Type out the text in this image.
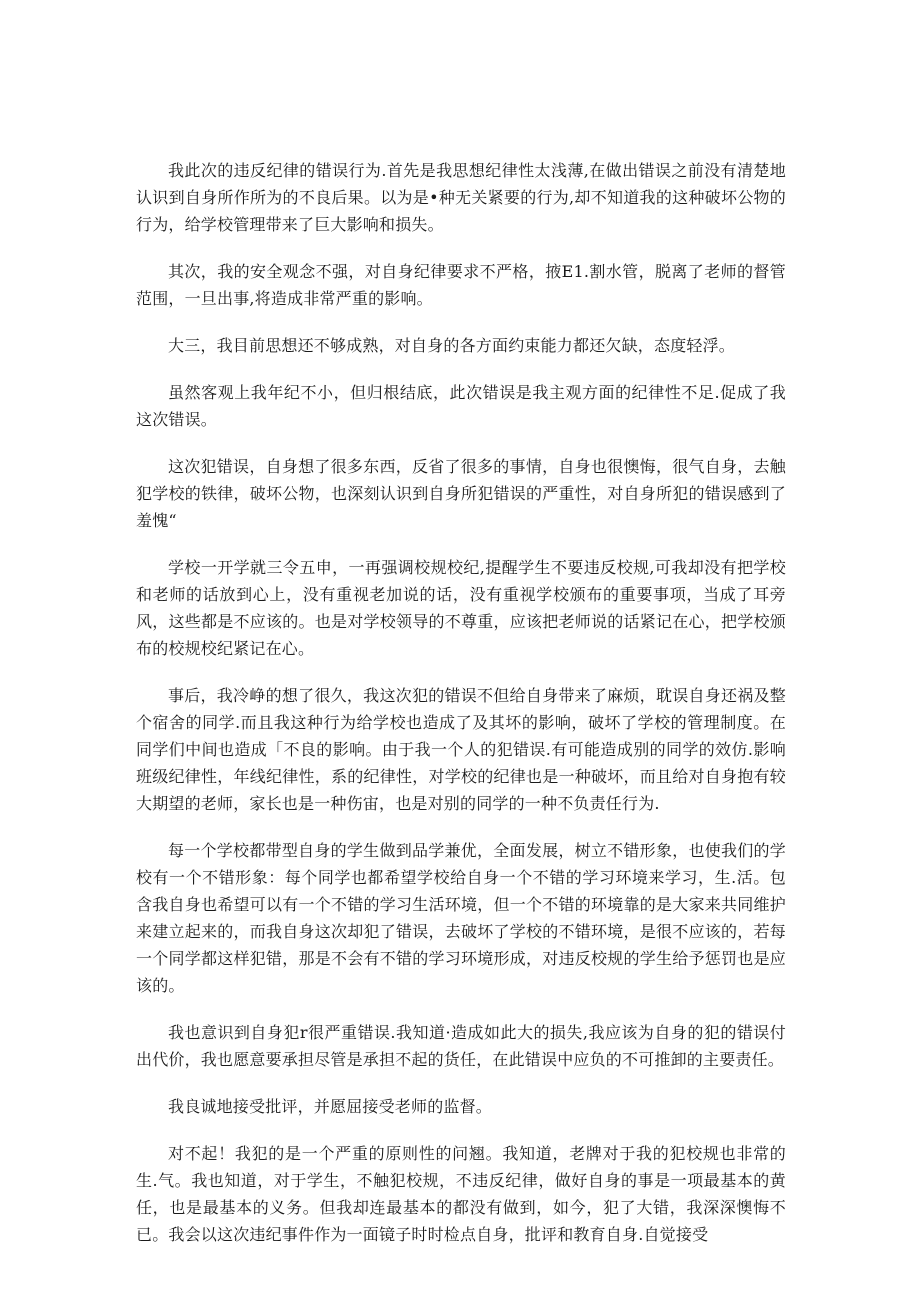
我此次的违反纪律的错误行为.首先是我思想纪律性太浅薄,在做出错误之前没有清楚地认识到自身所作所为的不良后果。以为是•种无关紧要的行为,却不知道我的这种破坏公物的行为，给学校管理带来了巨大影响和损失。

其次，我的安全观念不强，对自身纪律要求不严格，掖E1.割水管，脱离了老师的督管范围，一旦出事,将造成非常严重的影响。

大三，我目前思想还不够成熟，对自身的各方面约束能力都还欠缺，态度轻浮。

虽然客观上我年纪不小，但归根结底，此次错误是我主观方面的纪律性不足.促成了我这次错误。

这次犯错误，自身想了很多东西，反省了很多的事情，自身也很懊悔，很气自身，去触犯学校的铁律，破坏公物，也深刻认识到自身所犯错误的严重性，对自身所犯的错误感到了羞愧“

学校一开学就三令五申，一再强调校规校纪,提醒学生不要违反校规,可我却没有把学校和老师的话放到心上，没有重视老加说的话，没有重视学校颁布的重要事项，当成了耳旁风，这些都是不应该的。也是对学校领导的不尊重，应该把老师说的话紧记在心，把学校颁布的校规校纪紧记在心。

事后，我冷峥的想了很久，我这次犯的错误不但给自身带来了麻烦，耽误自身还祸及整个宿舍的同学.而且我这种行为给学校也造成了及其坏的影响，破坏了学校的管理制度。在同学们中间也造成「不良的影响。由于我一个人的犯错误.有可能造成别的同学的效仿.影响班级纪律性，年线纪律性，系的纪律性，对学校的纪律也是一种破坏，而且给对自身抱有较大期望的老师，家长也是一种伤宙，也是对别的同学的一种不负责任行为.

每一个学校都带型自身的学生做到品学兼优，全面发展，树立不错形象，也使我们的学校有一个不错形象：每个同学也都希望学校给自身一个不错的学习环境来学习，生.活。包含我自身也希望可以有一个不错的学习生活环境，但一个不错的环境靠的是大家来共同维护来建立起来的，而我自身这次却犯了错误，去破坏了学校的不错环境，是很不应该的，若每一个同学都这样犯错，那是不会有不错的学习环境形成，对违反校规的学生给予惩罚也是应该的。

我也意识到自身犯r很严重错误.我知道·造成如此大的损失,我应该为自身的犯的错误付出代价，我也愿意要承担尽管是承担不起的货任，在此错误中应负的不可推卸的主要责任。

我良诚地接受批评，并愿屈接受老师的监督。

对不起！我犯的是一个严重的原则性的问翘。我知道，老牌对于我的犯校规也非常的生.气。我也知道，对于学生，不触犯校规，不违反纪律，做好自身的事是一项最基本的黄任，也是最基本的义务。但我却连最基本的都没有做到，如今，犯了大错，我深深懊悔不已。我会以这次违纪事件作为一面镜子时时检点自身，批评和教育自身.自觉接受
